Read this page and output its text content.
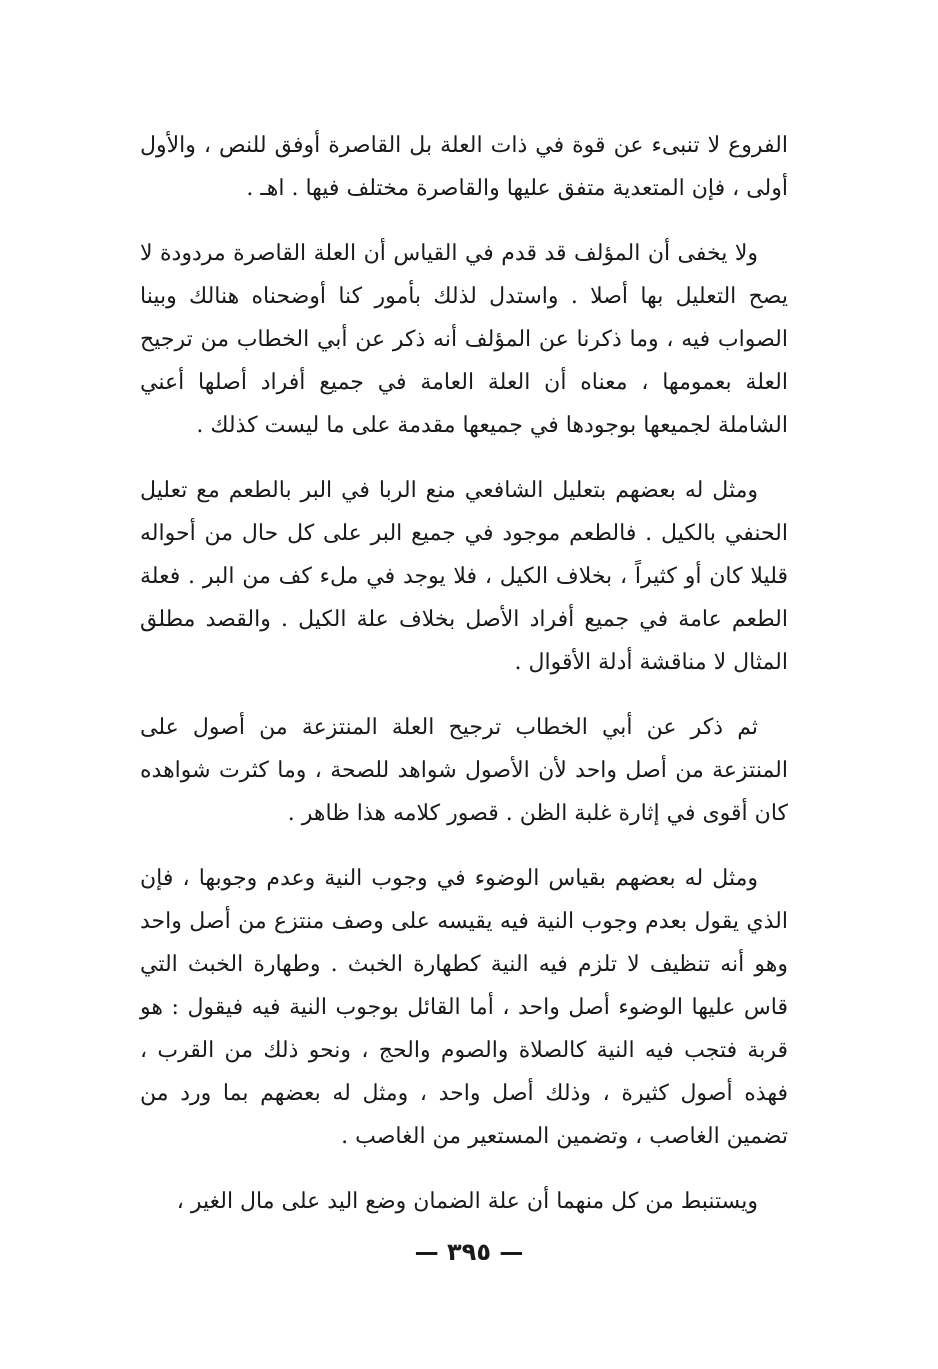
الفروع لا تنبىء عن قوة في ذات العلة بل القاصرة أوفق للنص ، والأول أولى ، فإن المتعدية متفق عليها والقاصرة مختلف فيها . اهـ .

ولا يخفى أن المؤلف قد قدم في القياس أن العلة القاصرة مردودة لا يصح التعليل بها أصلا . واستدل لذلك بأمور كنا أوضحناه هنالك وبينا الصواب فيه ، وما ذكرنا عن المؤلف أنه ذكر عن أبي الخطاب من ترجيح العلة بعمومها ، معناه أن العلة العامة في جميع أفراد أصلها أعني الشاملة لجميعها بوجودها في جميعها مقدمة على ما ليست كذلك .

ومثل له بعضهم بتعليل الشافعي منع الربا في البر بالطعم مع تعليل الحنفي بالكيل . فالطعم موجود في جميع البر على كل حال من أحواله قليلا كان أو كثيراً ، بخلاف الكيل ، فلا يوجد في ملء كف من البر . فعلة الطعم عامة في جميع أفراد الأصل بخلاف علة الكيل . والقصد مطلق المثال لا مناقشة أدلة الأقوال .

ثم ذكر عن أبي الخطاب ترجيح العلة المنتزعة من أصول على المنتزعة من أصل واحد لأن الأصول شواهد للصحة ، وما كثرت شواهده كان أقوى في إثارة غلبة الظن . قصور كلامه هذا ظاهر .

ومثل له بعضهم بقياس الوضوء في وجوب النية وعدم وجوبها ، فإن الذي يقول بعدم وجوب النية فيه يقيسه على وصف منتزع من أصل واحد وهو أنه تنظيف لا تلزم فيه النية كطهارة الخبث . وطهارة الخبث التي قاس عليها الوضوء أصل واحد ، أما القائل بوجوب النية فيه فيقول : هو قربة فتجب فيه النية كالصلاة والصوم والحج ، ونحو ذلك من القرب ، فهذه أصول كثيرة ، وذلك أصل واحد ، ومثل له بعضهم بما ورد من تضمين الغاصب ، وتضمين المستعير من الغاصب .

ويستنبط من كل منهما أن علة الضمان وضع اليد على مال الغير ،

— ٣٩٥ —
